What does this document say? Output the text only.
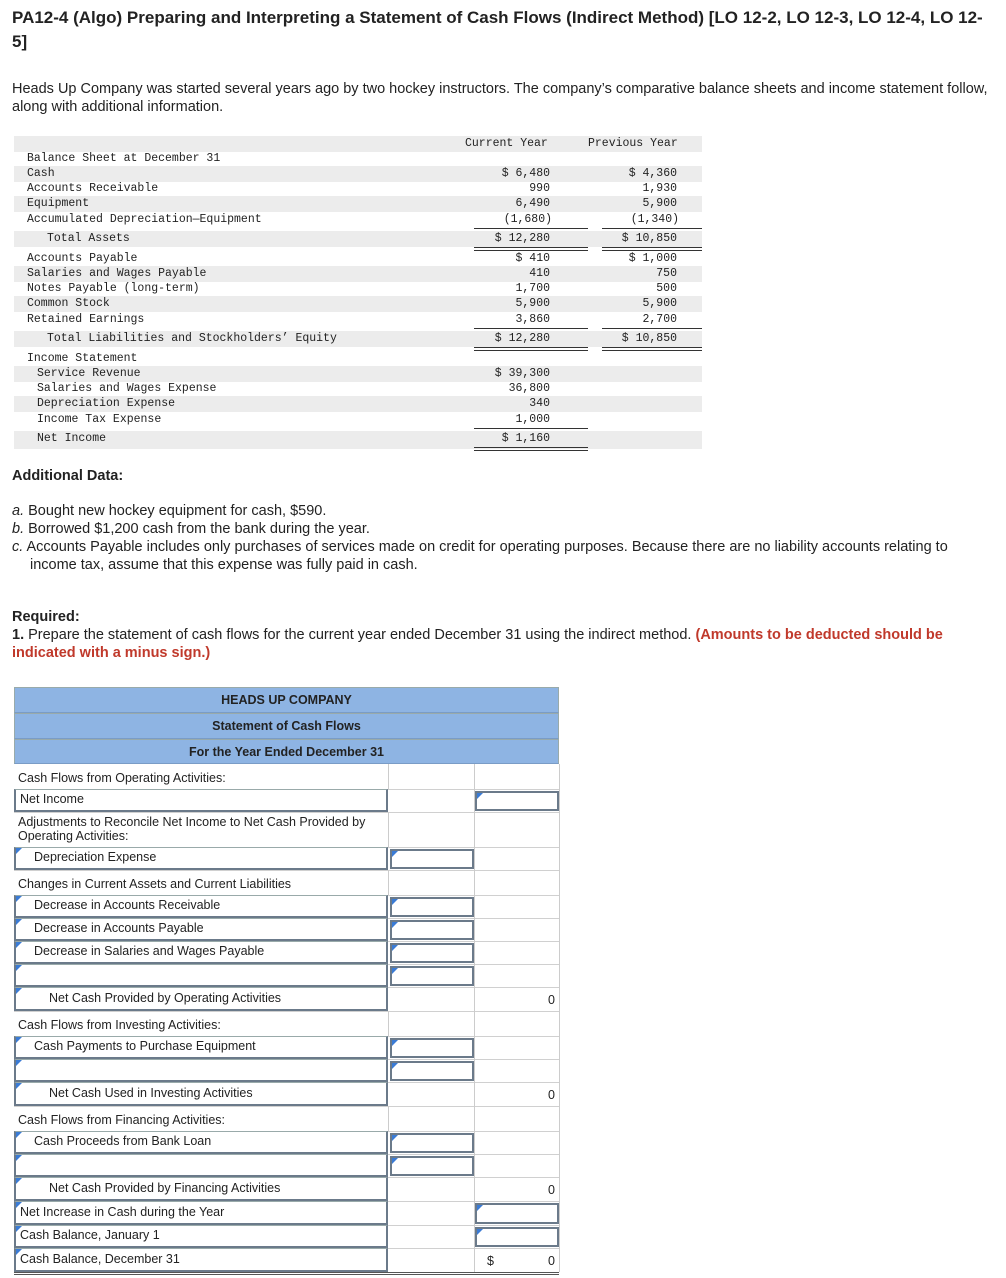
PA12-4 (Algo) Preparing and Interpreting a Statement of Cash Flows (Indirect Method) [LO 12-2, LO 12-3, LO 12-4, LO 12-5]
Heads Up Company was started several years ago by two hockey instructors. The company’s comparative balance sheets and income statement follow, along with additional information.
Current Year	Previous Year
Balance Sheet at December 31
Cash	$ 6,480	$ 4,360
Accounts Receivable	990	1,930
Equipment	6,490	5,900
Accumulated Depreciation—Equipment	(1,680)	(1,340)
Total Assets	$ 12,280	$ 10,850
Accounts Payable	$ 410	$ 1,000
Salaries and Wages Payable	410	750
Notes Payable (long-term)	1,700	500
Common Stock	5,900	5,900
Retained Earnings	3,860	2,700
Total Liabilities and Stockholders’ Equity	$ 12,280	$ 10,850
Income Statement
Service Revenue	$ 39,300
Salaries and Wages Expense	36,800
Depreciation Expense	340
Income Tax Expense	1,000
Net Income	$ 1,160
Additional Data:
a. Bought new hockey equipment for cash, $590.
b. Borrowed $1,200 cash from the bank during the year.
c. Accounts Payable includes only purchases of services made on credit for operating purposes. Because there are no liability accounts relating to income tax, assume that this expense was fully paid in cash.
Required:
1. Prepare the statement of cash flows for the current year ended December 31 using the indirect method. (Amounts to be deducted should be indicated with a minus sign.)
HEADS UP COMPANY
Statement of Cash Flows
For the Year Ended December 31
Cash Flows from Operating Activities:
Net Income
Adjustments to Reconcile Net Income to Net Cash Provided by Operating Activities:
Depreciation Expense
Changes in Current Assets and Current Liabilities
Decrease in Accounts Receivable
Decrease in Accounts Payable
Decrease in Salaries and Wages Payable
Net Cash Provided by Operating Activities	0
Cash Flows from Investing Activities:
Cash Payments to Purchase Equipment
Net Cash Used in Investing Activities	0
Cash Flows from Financing Activities:
Cash Proceeds from Bank Loan
Net Cash Provided by Financing Activities	0
Net Increase in Cash during the Year
Cash Balance, January 1
Cash Balance, December 31	$	0
